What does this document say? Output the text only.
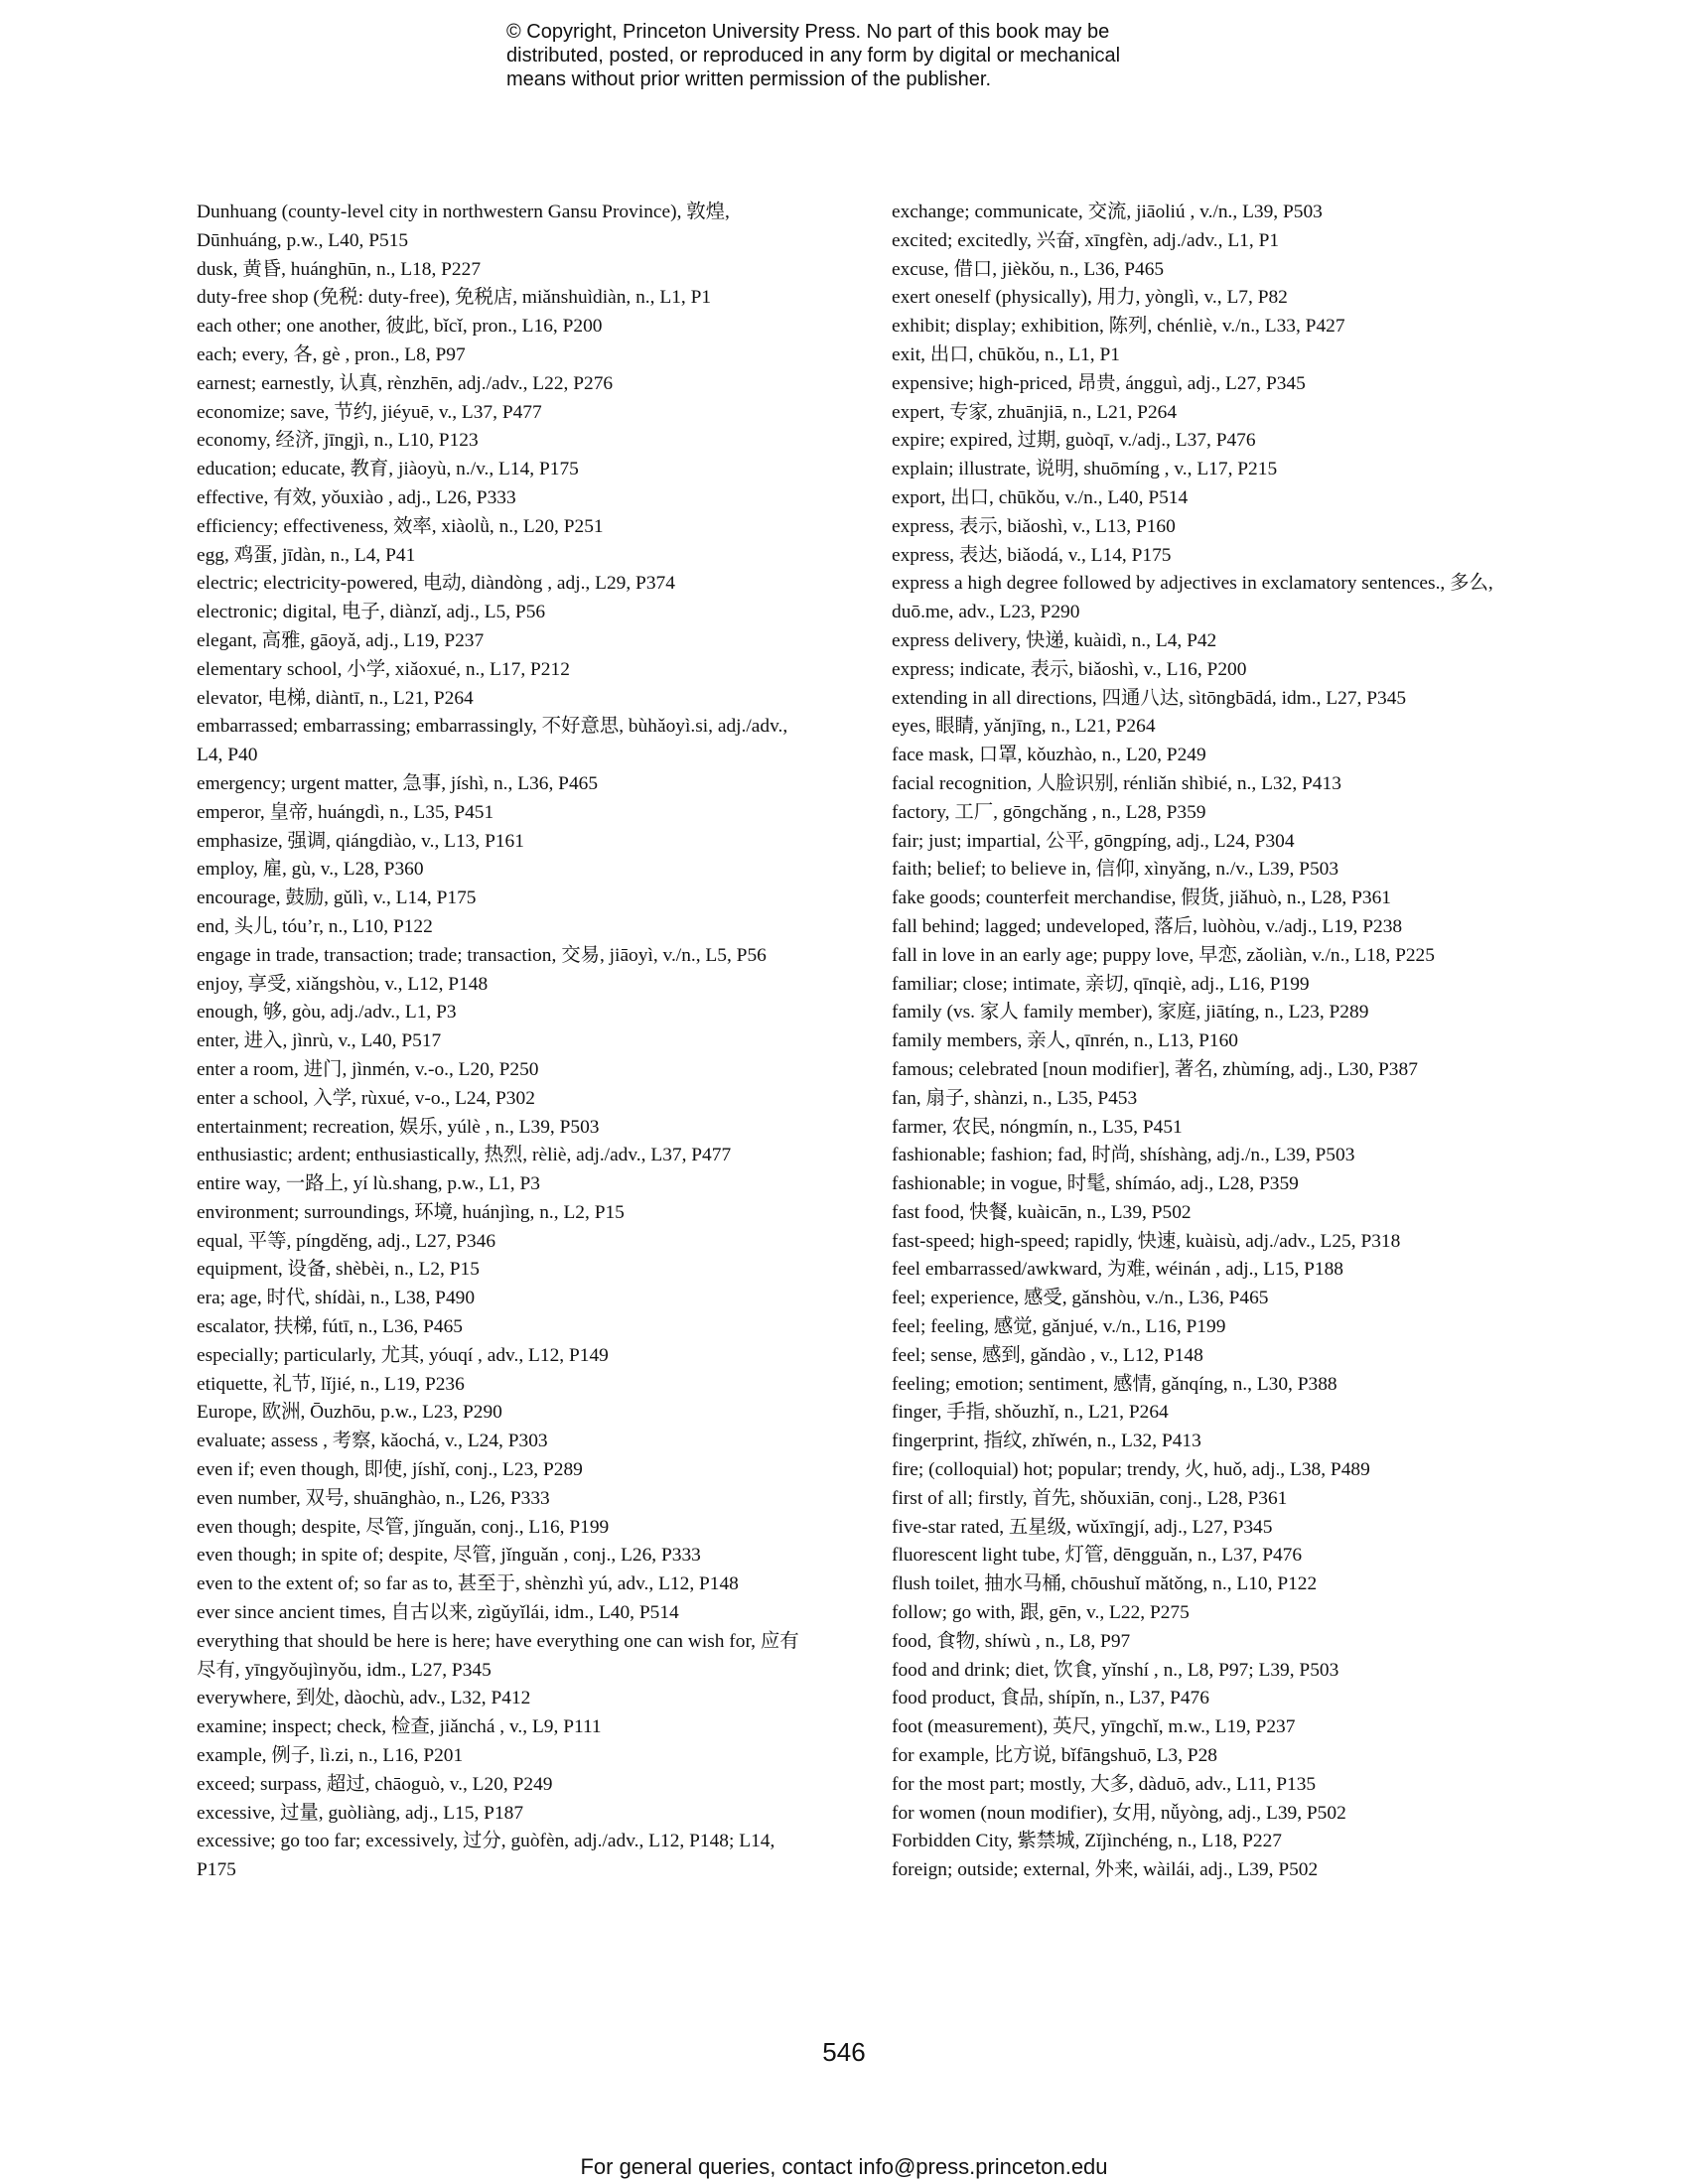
© Copyright, Princeton University Press. No part of this book may be
distributed, posted, or reproduced in any form by digital or mechanical
means without prior written permission of the publisher.

Dunhuang (county-level city in northwestern Gansu Province), 敦煌, Dūnhuáng, p.w., L40, P515

dusk, 黄昏, huánghūn, n., L18, P227

duty-free shop (免税: duty-free), 免税店, miǎnshuìdiàn, n., L1, P1

each other; one another, 彼此, bǐcǐ, pron., L16, P200

each; every, 各, gè , pron., L8, P97

earnest; earnestly, 认真, rènzhēn, adj./adv., L22, P276

economize; save, 节约, jiéyuē, v., L37, P477

economy, 经济, jīngjì, n., L10, P123

education; educate, 教育, jiàoyù, n./v., L14, P175

effective, 有效, yǒuxiào , adj., L26, P333

efficiency; effectiveness, 效率, xiàolǜ, n., L20, P251

egg, 鸡蛋, jīdàn, n., L4, P41

electric; electricity-powered, 电动, diàndòng , adj., L29, P374

electronic; digital, 电子, diànzǐ, adj., L5, P56

elegant, 高雅, gāoyǎ, adj., L19, P237

elementary school, 小学, xiǎoxué, n., L17, P212

elevator, 电梯, diàntī, n., L21, P264

embarrassed; embarrassing; embarrassingly, 不好意思, bùhǎoyì.si, adj./adv., L4, P40

emergency; urgent matter, 急事, jíshì, n., L36, P465

emperor, 皇帝, huángdì, n., L35, P451

emphasize, 强调, qiángdiào, v., L13, P161

employ, 雇, gù, v., L28, P360

encourage, 鼓励, gǔlì, v., L14, P175

end, 头儿, tóu’r, n., L10, P122

engage in trade, transaction; trade; transaction, 交易, jiāoyì, v./n., L5, P56

enjoy, 享受, xiǎngshòu, v., L12, P148

enough, 够, gòu, adj./adv., L1, P3

enter, 进入, jìnrù, v., L40, P517

enter a room, 进门, jìnmén, v.-o., L20, P250

enter a school, 入学, rùxué, v-o., L24, P302

entertainment; recreation, 娱乐, yúlè , n., L39, P503

enthusiastic; ardent; enthusiastically, 热烈, rèliè, adj./adv., L37, P477

entire way, 一路上, yí lù.shang, p.w., L1, P3

environment; surroundings, 环境, huánjìng, n., L2, P15

equal, 平等, píngděng, adj., L27, P346

equipment, 设备, shèbèi, n., L2, P15

era; age, 时代, shídài, n., L38, P490

escalator, 扶梯, fútī, n., L36, P465

especially; particularly, 尤其, yóuqí , adv., L12, P149

etiquette, 礼节, lǐjié, n., L19, P236

Europe, 欧洲, Ōuzhōu, p.w., L23, P290

evaluate; assess , 考察, kǎochá, v., L24, P303

even if; even though, 即使, jíshǐ, conj., L23, P289

even number, 双号, shuānghào, n., L26, P333

even though; despite, 尽管, jǐnguǎn, conj., L16, P199

even though; in spite of; despite, 尽管, jǐnguǎn , conj., L26, P333

even to the extent of; so far as to, 甚至于, shènzhì yú, adv., L12, P148

ever since ancient times, 自古以来, zìgǔyǐlái, idm., L40, P514

everything that should be here is here; have everything one can wish for, 应有尽有, yīngyǒujìnyǒu, idm., L27, P345

everywhere, 到处, dàochù, adv., L32, P412

examine; inspect; check, 检查, jiǎnchá , v., L9, P111

example, 例子, lì.zi, n., L16, P201

exceed; surpass, 超过, chāoguò, v., L20, P249

excessive, 过量, guòliàng, adj., L15, P187

excessive; go too far; excessively, 过分, guòfèn, adj./adv., L12, P148; L14, P175

exchange; communicate, 交流, jiāoliú , v./n., L39, P503

excited; excitedly, 兴奋, xīngfèn, adj./adv., L1, P1

excuse, 借口, jièkǒu, n., L36, P465

exert oneself (physically), 用力, yònglì, v., L7, P82

exhibit; display; exhibition, 陈列, chénliè, v./n., L33, P427

exit, 出口, chūkǒu, n., L1, P1

expensive; high-priced, 昂贵, ángguì, adj., L27, P345

expert, 专家, zhuānjiā, n., L21, P264

expire; expired, 过期, guòqī, v./adj., L37, P476

explain; illustrate, 说明, shuōmíng , v., L17, P215

export, 出口, chūkǒu, v./n., L40, P514

express, 表示, biǎoshì, v., L13, P160

express, 表达, biǎodá, v., L14, P175

express a high degree followed by adjectives in exclamatory sentences., 多么, duō.me, adv., L23, P290

express delivery, 快递, kuàidì, n., L4, P42

express; indicate, 表示, biǎoshì, v., L16, P200

extending in all directions, 四通八达, sìtōngbādá, idm., L27, P345

eyes, 眼睛, yǎnjīng, n., L21, P264

face mask, 口罩, kǒuzhào, n., L20, P249

facial recognition, 人脸识别, rénliǎn shìbié, n., L32, P413

factory, 工厂, gōngchǎng , n., L28, P359

fair; just; impartial, 公平, gōngpíng, adj., L24, P304

faith; belief; to believe in, 信仰, xìnyǎng, n./v., L39, P503

fake goods; counterfeit merchandise, 假货, jiǎhuò, n., L28, P361

fall behind; lagged; undeveloped, 落后, luòhòu, v./adj., L19, P238

fall in love in an early age; puppy love, 早恋, zǎoliàn, v./n., L18, P225

familiar; close; intimate, 亲切, qīnqiè, adj., L16, P199

family (vs. 家人 family member), 家庭, jiātíng, n., L23, P289

family members, 亲人, qīnrén, n., L13, P160

famous; celebrated [noun modifier], 著名, zhùmíng, adj., L30, P387

fan, 扇子, shànzi, n., L35, P453

farmer, 农民, nóngmín, n., L35, P451

fashionable; fashion; fad, 时尚, shíshàng, adj./n., L39, P503

fashionable; in vogue, 时髦, shímáo, adj., L28, P359

fast food, 快餐, kuàicān, n., L39, P502

fast-speed; high-speed; rapidly, 快速, kuàisù, adj./adv., L25, P318

feel embarrassed/awkward, 为难, wéinán , adj., L15, P188

feel; experience, 感受, gǎnshòu, v./n., L36, P465

feel; feeling, 感觉, gǎnjué, v./n., L16, P199

feel; sense, 感到, gǎndào , v., L12, P148

feeling; emotion; sentiment, 感情, gǎnqíng, n., L30, P388

finger, 手指, shǒuzhǐ, n., L21, P264

fingerprint, 指纹, zhǐwén, n., L32, P413

fire; (colloquial) hot; popular; trendy, 火, huǒ, adj., L38, P489

first of all; firstly, 首先, shǒuxiān, conj., L28, P361

five-star rated, 五星级, wǔxīngjí, adj., L27, P345

fluorescent light tube, 灯管, dēngguǎn, n., L37, P476

flush toilet, 抽水马桶, chōushuǐ mǎtǒng, n., L10, P122

follow; go with, 跟, gēn, v., L22, P275

food, 食物, shíwù , n., L8, P97

food and drink; diet, 饮食, yǐnshí , n., L8, P97; L39, P503

food product, 食品, shípǐn, n., L37, P476

foot (measurement), 英尺, yīngchǐ, m.w., L19, P237

for example, 比方说, bǐfāngshuō, L3, P28

for the most part; mostly, 大多, dàduō, adv., L11, P135

for women (noun modifier), 女用, nǚyòng, adj., L39, P502

Forbidden City, 紫禁城, Zǐjìnchéng, n., L18, P227

foreign; outside; external, 外来, wàilái, adj., L39, P502

546
For general queries, contact info@press.princeton.edu
